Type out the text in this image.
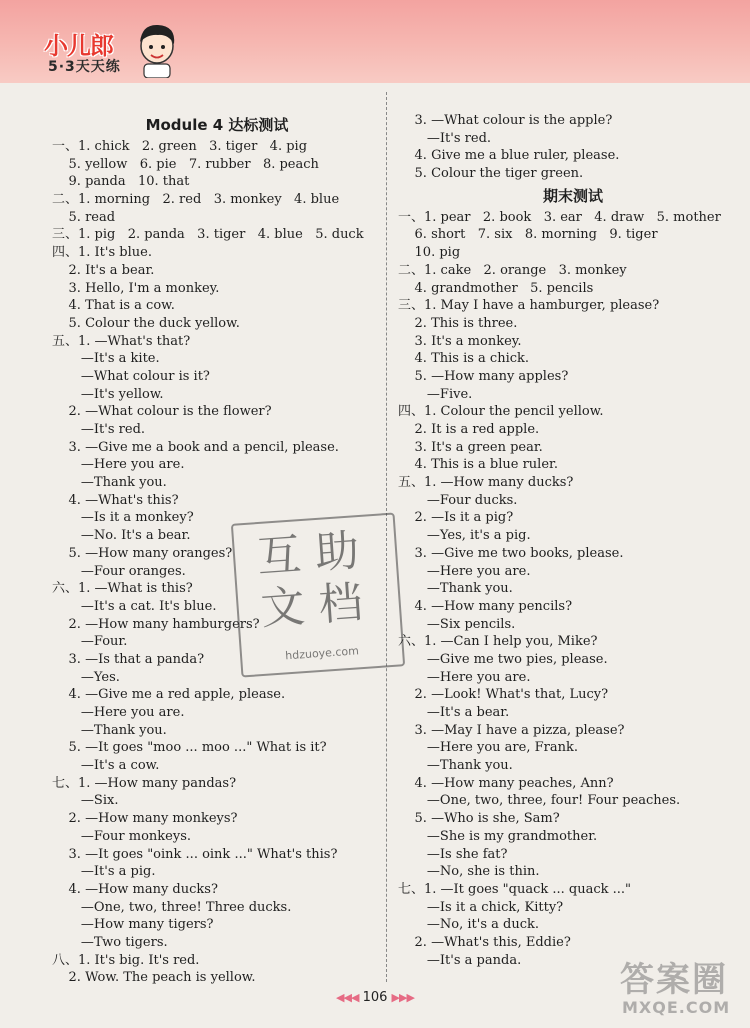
小儿郎
5·3天天练
Module 4 达标测试
一、1. chick   2. green   3. tiger   4. pig
5. yellow   6. pie   7. rubber   8. peach
9. panda   10. that
二、1. morning   2. red   3. monkey   4. blue
5. read
三、1. pig   2. panda   3. tiger   4. blue   5. duck
四、1. It's blue.
2. It's a bear.
3. Hello, I'm a monkey.
4. That is a cow.
5. Colour the duck yellow.
五、1. —What's that?
—It's a kite.
—What colour is it?
—It's yellow.
2. —What colour is the flower?
—It's red.
3. —Give me a book and a pencil, please.
—Here you are.
—Thank you.
4. —What's this?
—Is it a monkey?
—No. It's a bear.
5. —How many oranges?
—Four oranges.
六、1. —What is this?
—It's a cat. It's blue.
2. —How many hamburgers?
—Four.
3. —Is that a panda?
—Yes.
4. —Give me a red apple, please.
—Here you are.
—Thank you.
5. —It goes "moo ... moo ..." What is it?
—It's a cow.
七、1. —How many pandas?
—Six.
2. —How many monkeys?
—Four monkeys.
3. —It goes "oink ... oink ..." What's this?
—It's a pig.
4. —How many ducks?
—One, two, three! Three ducks.
—How many tigers?
—Two tigers.
八、1. It's big. It's red.
2. Wow. The peach is yellow.
3. —What colour is the apple?
—It's red.
4. Give me a blue ruler, please.
5. Colour the tiger green.
期末测试
一、1. pear   2. book   3. ear   4. draw   5. mother
6. short   7. six   8. morning   9. tiger
10. pig
二、1. cake   2. orange   3. monkey
4. grandmother   5. pencils
三、1. May I have a hamburger, please?
2. This is three.
3. It's a monkey.
4. This is a chick.
5. —How many apples?
—Five.
四、1. Colour the pencil yellow.
2. It is a red apple.
3. It's a green pear.
4. This is a blue ruler.
五、1. —How many ducks?
—Four ducks.
2. —Is it a pig?
—Yes, it's a pig.
3. —Give me two books, please.
—Here you are.
—Thank you.
4. —How many pencils?
—Six pencils.
六、1. —Can I help you, Mike?
—Give me two pies, please.
—Here you are.
2. —Look! What's that, Lucy?
—It's a bear.
3. —May I have a pizza, please?
—Here you are, Frank.
—Thank you.
4. —How many peaches, Ann?
—One, two, three, four! Four peaches.
5. —Who is she, Sam?
—She is my grandmother.
—Is she fat?
—No, she is thin.
七、1. —It goes "quack ... quack ..."
—Is it a chick, Kitty?
—No, it's a duck.
2. —What's this, Eddie?
—It's a panda.
互助文档
hdzuoye.com
◀◀◀ 106 ▶▶▶	答案圈
MXQE.COM
